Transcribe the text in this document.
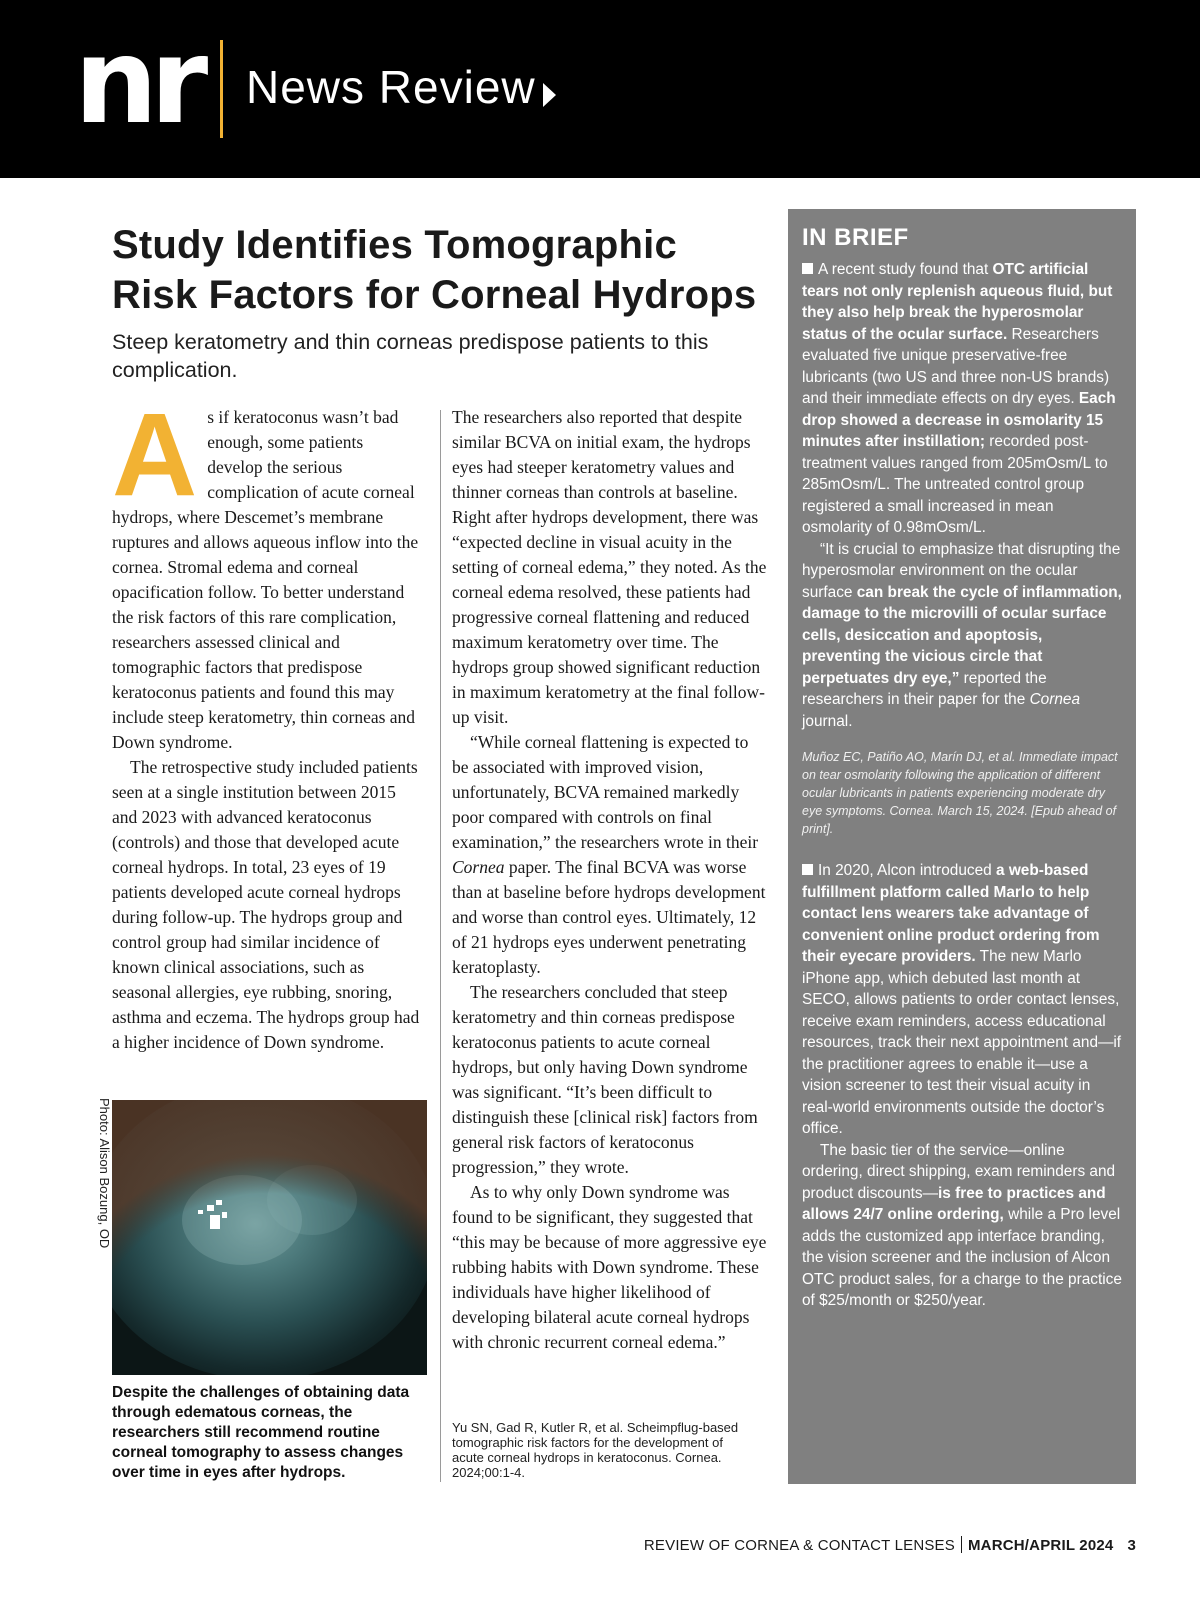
nr News Review
Study Identifies Tomographic Risk Factors for Corneal Hydrops
Steep keratometry and thin corneas predispose patients to this complication.

As if keratoconus wasn’t bad enough, some patients develop the serious complication of acute corneal hydrops, where Descemet’s membrane ruptures and allows aqueous inflow into the cornea. Stromal edema and corneal opacification follow. To better understand the risk factors of this rare complication, researchers assessed clinical and tomographic factors that predispose keratoconus patients and found this may include steep keratometry, thin corneas and Down syndrome.

The retrospective study included patients seen at a single institution between 2015 and 2023 with advanced keratoconus (controls) and those that developed acute corneal hydrops. In total, 23 eyes of 19 patients developed acute corneal hydrops during follow-up. The hydrops group and control group had similar incidence of known clinical associations, such as seasonal allergies, eye rubbing, snoring, asthma and eczema. The hydrops group had a higher incidence of Down syndrome.

Photo: Alison Bozung, OD
Despite the challenges of obtaining data through edematous corneas, the researchers still recommend routine corneal tomography to assess changes over time in eyes after hydrops.

The researchers also reported that despite similar BCVA on initial exam, the hydrops eyes had steeper keratometry values and thinner corneas than controls at baseline. Right after hydrops development, there was “expected decline in visual acuity in the setting of corneal edema,” they noted. As the corneal edema resolved, these patients had progressive corneal flattening and reduced maximum keratometry over time. The hydrops group showed significant reduction in maximum keratometry at the final follow-up visit.

“While corneal flattening is expected to be associated with improved vision, unfortunately, BCVA remained markedly poor compared with controls on final examination,” the researchers wrote in their Cornea paper. The final BCVA was worse than at baseline before hydrops development and worse than control eyes. Ultimately, 12 of 21 hydrops eyes underwent penetrating keratoplasty.

The researchers concluded that steep keratometry and thin corneas predispose keratoconus patients to acute corneal hydrops, but only having Down syndrome was significant. “It’s been difficult to distinguish these [clinical risk] factors from general risk factors of keratoconus progression,” they wrote.

As to why only Down syndrome was found to be significant, they suggested that “this may be because of more aggressive eye rubbing habits with Down syndrome. These individuals have higher likelihood of developing bilateral acute corneal hydrops with chronic recurrent corneal edema.”

Yu SN, Gad R, Kutler R, et al. Scheimpflug-based tomographic risk factors for the development of acute corneal hydrops in keratoconus. Cornea. 2024;00:1-4.
IN BRIEF

A recent study found that OTC artificial tears not only replenish aqueous fluid, but they also help break the hyperosmolar status of the ocular surface. Researchers evaluated five unique preservative-free lubricants (two US and three non-US brands) and their immediate effects on dry eyes. Each drop showed a decrease in osmolarity 15 minutes after instillation; recorded post-treatment values ranged from 205mOsm/L to 285mOsm/L. The untreated control group registered a small increased in mean osmolarity of 0.98mOsm/L.

“It is crucial to emphasize that disrupting the hyperosmolar environment on the ocular surface can break the cycle of inflammation, damage to the microvilli of ocular surface cells, desiccation and apoptosis, preventing the vicious circle that perpetuates dry eye,” reported the researchers in their paper for the Cornea journal.

Muñoz EC, Patiño AO, Marín DJ, et al. Immediate impact on tear osmolarity following the application of different ocular lubricants in patients experiencing moderate dry eye symptoms. Cornea. March 15, 2024. [Epub ahead of print].

In 2020, Alcon introduced a web-based fulfillment platform called Marlo to help contact lens wearers take advantage of convenient online product ordering from their eyecare providers. The new Marlo iPhone app, which debuted last month at SECO, allows patients to order contact lenses, receive exam reminders, access educational resources, track their next appointment and—if the practitioner agrees to enable it—use a vision screener to test their visual acuity in real-world environments outside the doctor’s office.

The basic tier of the service—online ordering, direct shipping, exam reminders and product discounts—is free to practices and allows 24/7 online ordering, while a Pro level adds the customized app interface branding, the vision screener and the inclusion of Alcon OTC product sales, for a charge to the practice of $25/month or $250/year.

REVIEW OF CORNEA & CONTACT LENSES MARCH/APRIL 2024 3
